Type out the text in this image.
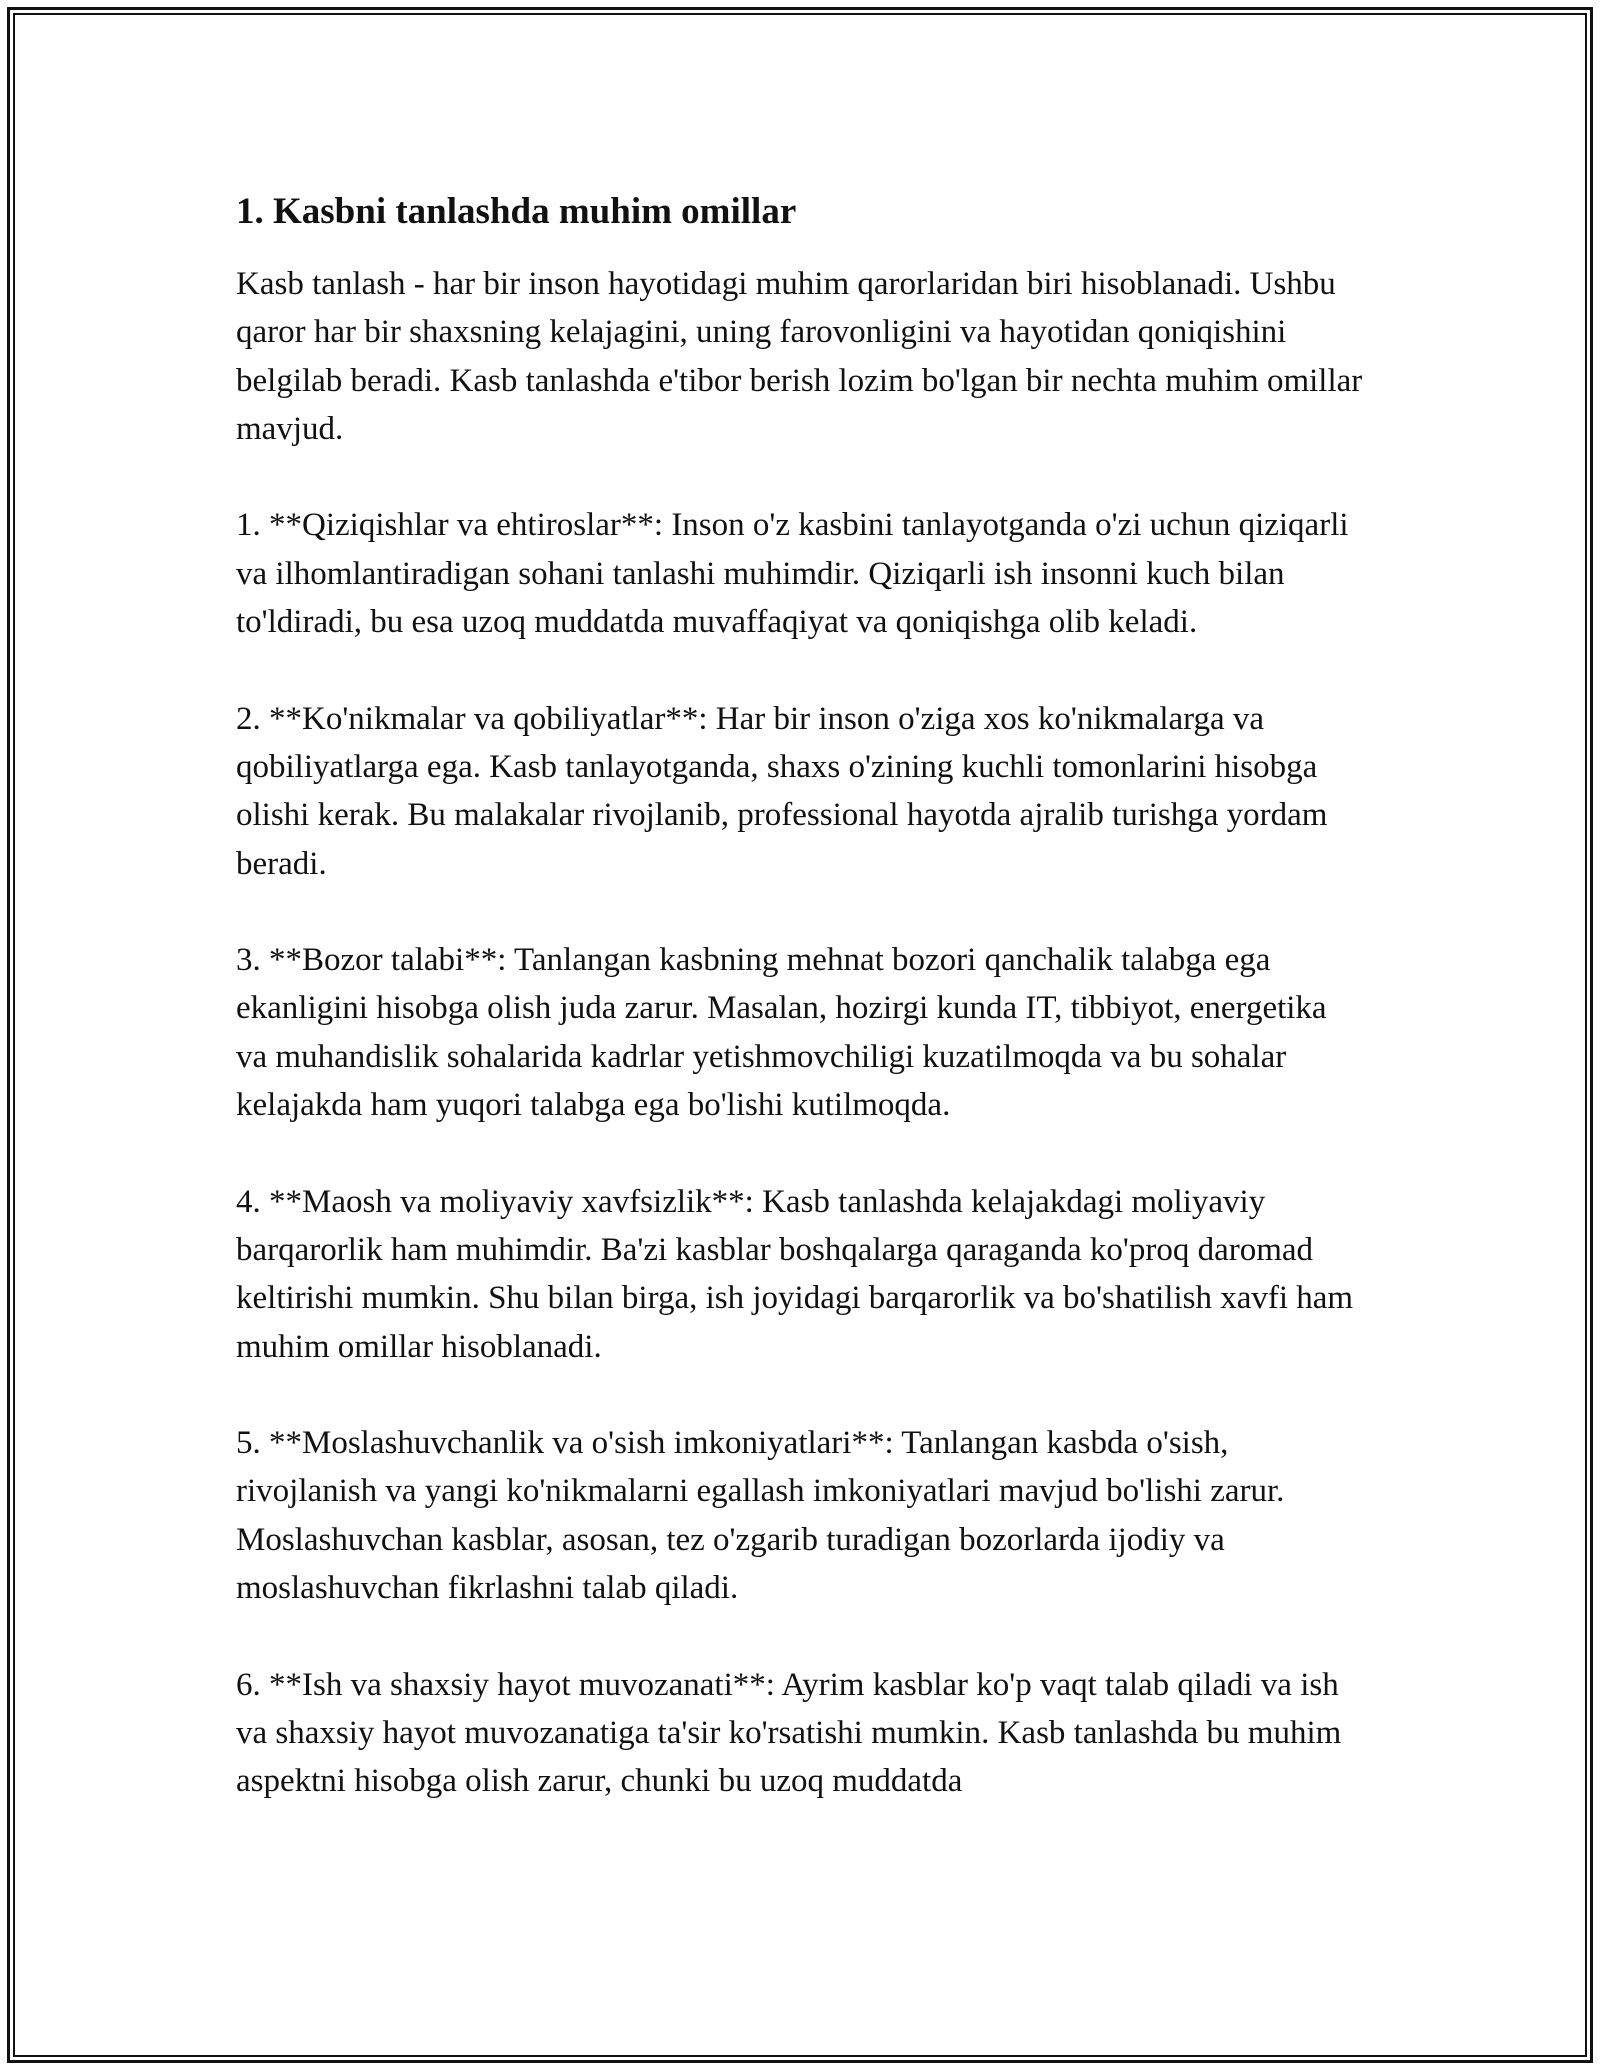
1. Kasbni tanlashda muhim omillar

Kasb tanlash - har bir inson hayotidagi muhim qarorlaridan biri hisoblanadi. Ushbu qaror har bir shaxsning kelajagini, uning farovonligini va hayotidan qoniqishini belgilab beradi. Kasb tanlashda e'tibor berish lozim bo'lgan bir nechta muhim omillar mavjud.

1. **Qiziqishlar va ehtiroslar**: Inson o'z kasbini tanlayotganda o'zi uchun qiziqarli va ilhomlantiradigan sohani tanlashi muhimdir. Qiziqarli ish insonni kuch bilan to'ldiradi, bu esa uzoq muddatda muvaffaqiyat va qoniqishga olib keladi.

2. **Ko'nikmalar va qobiliyatlar**: Har bir inson o'ziga xos ko'nikmalarga va qobiliyatlarga ega. Kasb tanlayotganda, shaxs o'zining kuchli tomonlarini hisobga olishi kerak. Bu malakalar rivojlanib, professional hayotda ajralib turishga yordam beradi.

3. **Bozor talabi**: Tanlangan kasbning mehnat bozori qanchalik talabga ega ekanligini hisobga olish juda zarur. Masalan, hozirgi kunda IT, tibbiyot, energetika va muhandislik sohalarida kadrlar yetishmovchiligi kuzatilmoqda va bu sohalar kelajakda ham yuqori talabga ega bo'lishi kutilmoqda.

4. **Maosh va moliyaviy xavfsizlik**: Kasb tanlashda kelajakdagi moliyaviy barqarorlik ham muhimdir. Ba'zi kasblar boshqalarga qaraganda ko'proq daromad keltirishi mumkin. Shu bilan birga, ish joyidagi barqarorlik va bo'shatilish xavfi ham muhim omillar hisoblanadi.

5. **Moslashuvchanlik va o'sish imkoniyatlari**: Tanlangan kasbda o'sish, rivojlanish va yangi ko'nikmalarni egallash imkoniyatlari mavjud bo'lishi zarur. Moslashuvchan kasblar, asosan, tez o'zgarib turadigan bozorlarda ijodiy va moslashuvchan fikrlashni talab qiladi.

6. **Ish va shaxsiy hayot muvozanati**: Ayrim kasblar ko'p vaqt talab qiladi va ish va shaxsiy hayot muvozanatiga ta'sir ko'rsatishi mumkin. Kasb tanlashda bu muhim aspektni hisobga olish zarur, chunki bu uzoq muddatda
